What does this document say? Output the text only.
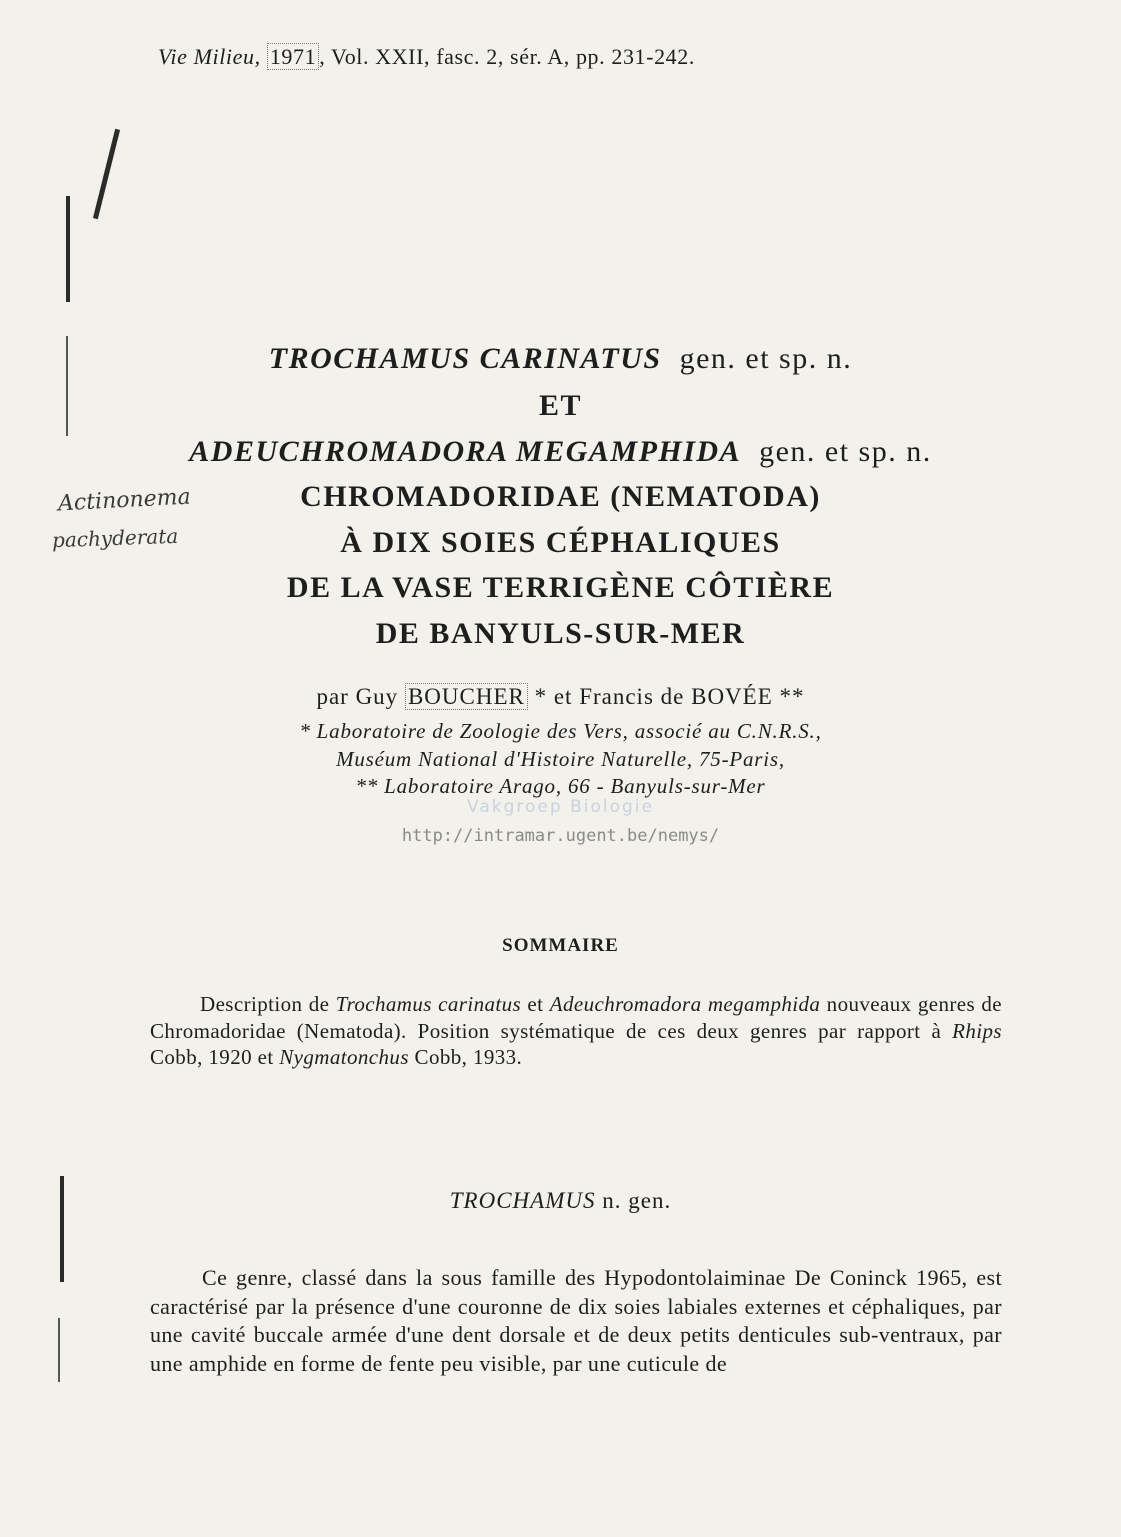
Vie Milieu, 1971 , Vol. XXII, fasc. 2, sér. A, pp. 231-242.
Actinonema
pachyderata
TROCHAMUS CARINATUS gen. et sp. n.
ET
ADEUCHROMADORA MEGAMPHIDA gen. et sp. n.
CHROMADORIDAE (NEMATODA)
À DIX SOIES CÉPHALIQUES
DE LA VASE TERRIGÈNE CÔTIÈRE
DE BANYULS-SUR-MER
par Guy BOUCHER * et Francis de BOVÉE **
* Laboratoire de Zoologie des Vers, associé au C.N.R.S.,
Muséum National d'Histoire Naturelle, 75-Paris,
** Laboratoire Arago, 66 - Banyuls-sur-Mer
Vakgroep Biologie
http://intramar.ugent.be/nemys/
SOMMAIRE
Description de Trochamus carinatus et Adeuchromadora megamphida nouveaux genres de Chromadoridae (Nematoda). Position systématique de ces deux genres par rapport à Rhips Cobb, 1920 et Nygmatonchus Cobb, 1933.
TROCHAMUS n. gen.
Ce genre, classé dans la sous famille des Hypodontolaiminae De Coninck 1965, est caractérisé par la présence d'une couronne de dix soies labiales externes et céphaliques, par une cavité buccale armée d'une dent dorsale et de deux petits denticules sub-ventraux, par une amphide en forme de fente peu visible, par une cuticule de
